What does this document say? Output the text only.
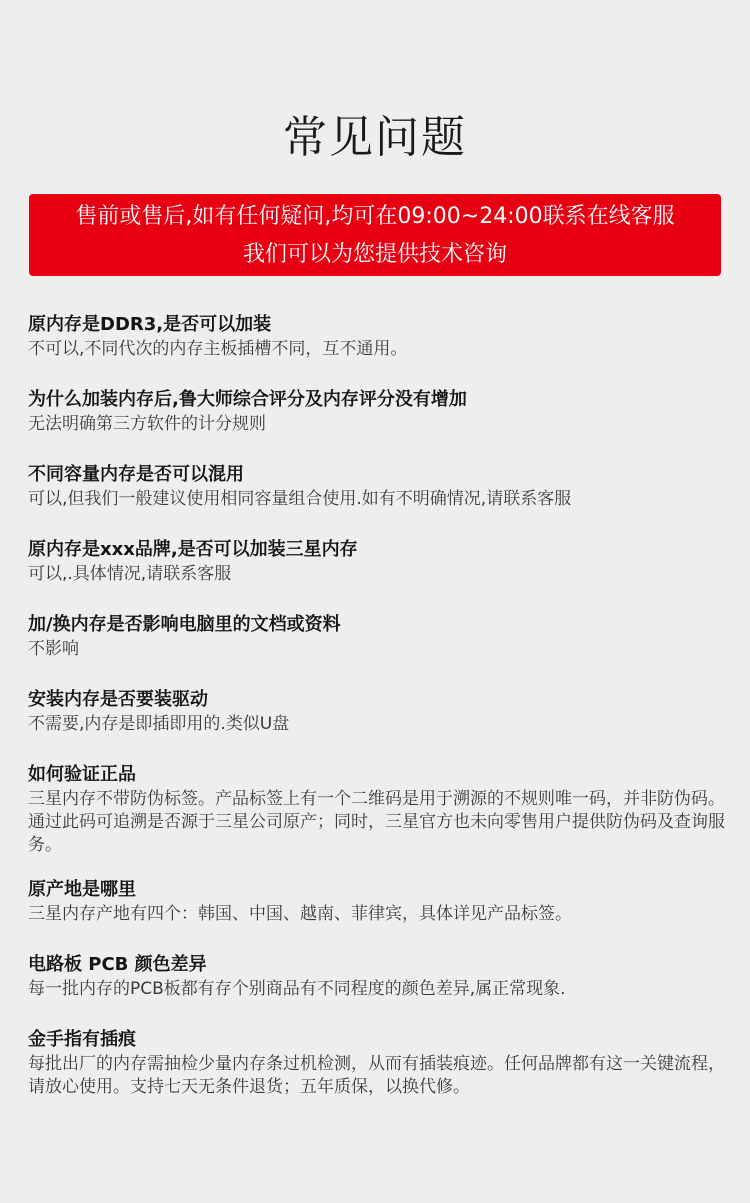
常见问题
售前或售后,如有任何疑问,均可在09:00~24:00联系在线客服
我们可以为您提供技术咨询
原内存是DDR3,是否可以加装
不可以,不同代次的内存主板插槽不同，互不通用。
为什么加装内存后,鲁大师综合评分及内存评分没有增加
无法明确第三方软件的计分规则
不同容量内存是否可以混用
可以,但我们一般建议使用相同容量组合使用.如有不明确情况,请联系客服
原内存是xxx品牌,是否可以加装三星内存
可以,.具体情况,请联系客服
加/换内存是否影响电脑里的文档或资料
不影响
安装内存是否要装驱动
不需要,内存是即插即用的.类似U盘
如何验证正品
三星内存不带防伪标签。产品标签上有一个二维码是用于溯源的不规则唯一码，并非防伪码。通过此码可追溯是否源于三星公司原产；同时，三星官方也未向零售用户提供防伪码及查询服务。
原产地是哪里
三星内存产地有四个：韩国、中国、越南、菲律宾，具体详见产品标签。
电路板 PCB 颜色差异
每一批内存的PCB板都有存个别商品有不同程度的颜色差异,属正常现象.
金手指有插痕
每批出厂的内存需抽检少量内存条过机检测，从而有插装痕迹。任何品牌都有这一关键流程，请放心使用。支持七天无条件退货；五年质保，以换代修。
